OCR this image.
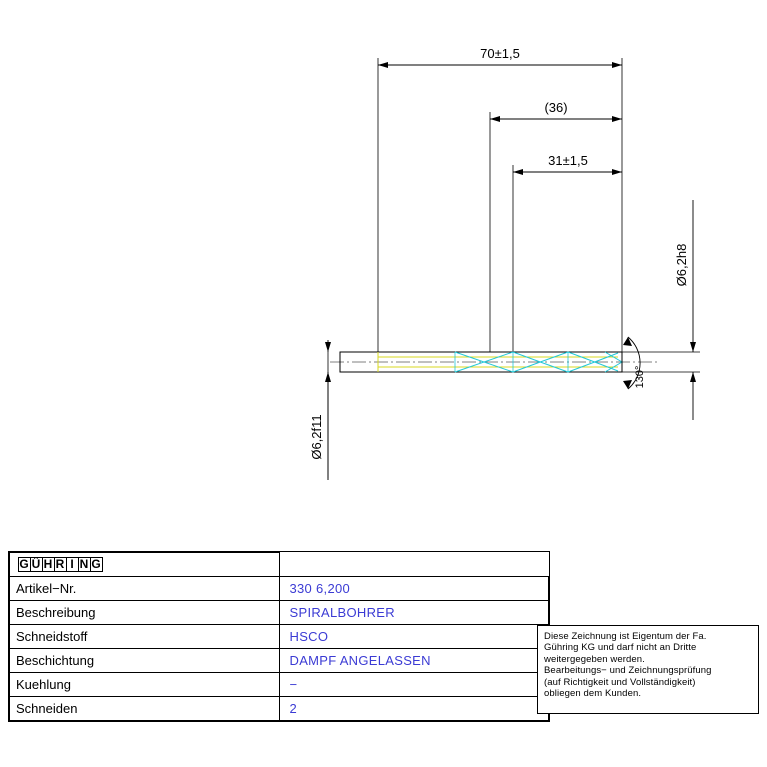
70±1,5
(36)
31±1,5
Ø6,2h8
Ø6,2f11
130°
G Ü H R I N G	
Artikel−Nr.	330 6,200
Beschreibung	SPIRALBOHRER
Schneidstoff	HSCO
Beschichtung	DAMPF ANGELASSEN
Kuehlung	−
Schneiden	2

Diese Zeichnung ist Eigentum der Fa.

Gühring KG und darf nicht an Dritte

weitergegeben werden.

Bearbeitungs− und Zeichnungsprüfung

(auf Richtigkeit und Vollständigkeit)

obliegen dem Kunden.
